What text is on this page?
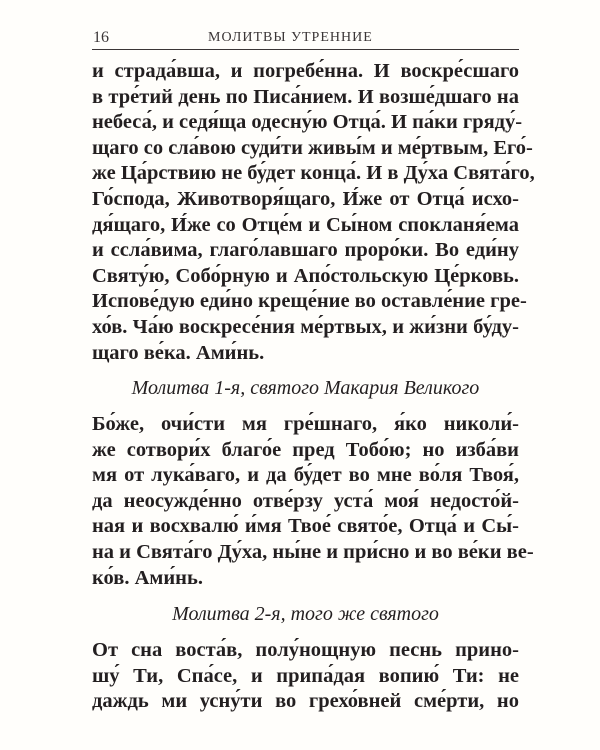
16	МОЛИТВЫ УТРЕННИЕ
и страда́вша, и погребе́нна. И воскре́сшаго
в тре́тий день по Писа́нием. И возше́дшаго на
небеса́, и седя́ща одесну́ю Отца́. И па́ки гряду́-
щаго со сла́вою суди́ти живы́м и ме́ртвым, Его́-
же Ца́рствию не бу́дет конца́. И в Ду́ха Свята́го,
Го́спода, Животворя́щаго, И́же от Отца́ исхо-
дя́щаго, И́же со Отце́м и Сы́ном спокланя́ема
и ссла́вима, глаго́лавшаго проро́ки. Во еди́ну
Святу́ю, Собо́рную и Апо́стольскую Це́рковь.
Испове́дую еди́но креще́ние во оставле́ние гре-
хо́в. Ча́ю воскресе́ния ме́ртвых, и жи́зни бу́ду-
щаго ве́ка. Ами́нь.
Молитва 1-я, святого Макария Великого
Бо́же, очи́сти мя гре́шнаго, я́ко николи́-
же сотвори́х благо́е пред Тобо́ю; но изба́ви
мя от лука́ваго, и да бу́дет во мне во́ля Твоя́,
да неосужде́нно отве́рзу уста́ моя́ недосто́й-
ная и восхвалю́ и́мя Твое́ свято́е, Отца́ и Сы́-
на и Свята́го Ду́ха, ны́не и при́сно и во ве́ки ве-
ко́в. Ами́нь.
Молитва 2-я, того же святого
От сна воста́в, полу́нощную песнь прино-
шу́ Ти, Спа́се, и припа́дая вопию́ Ти: не
даждь ми усну́ти во грехо́вней сме́рти, но
